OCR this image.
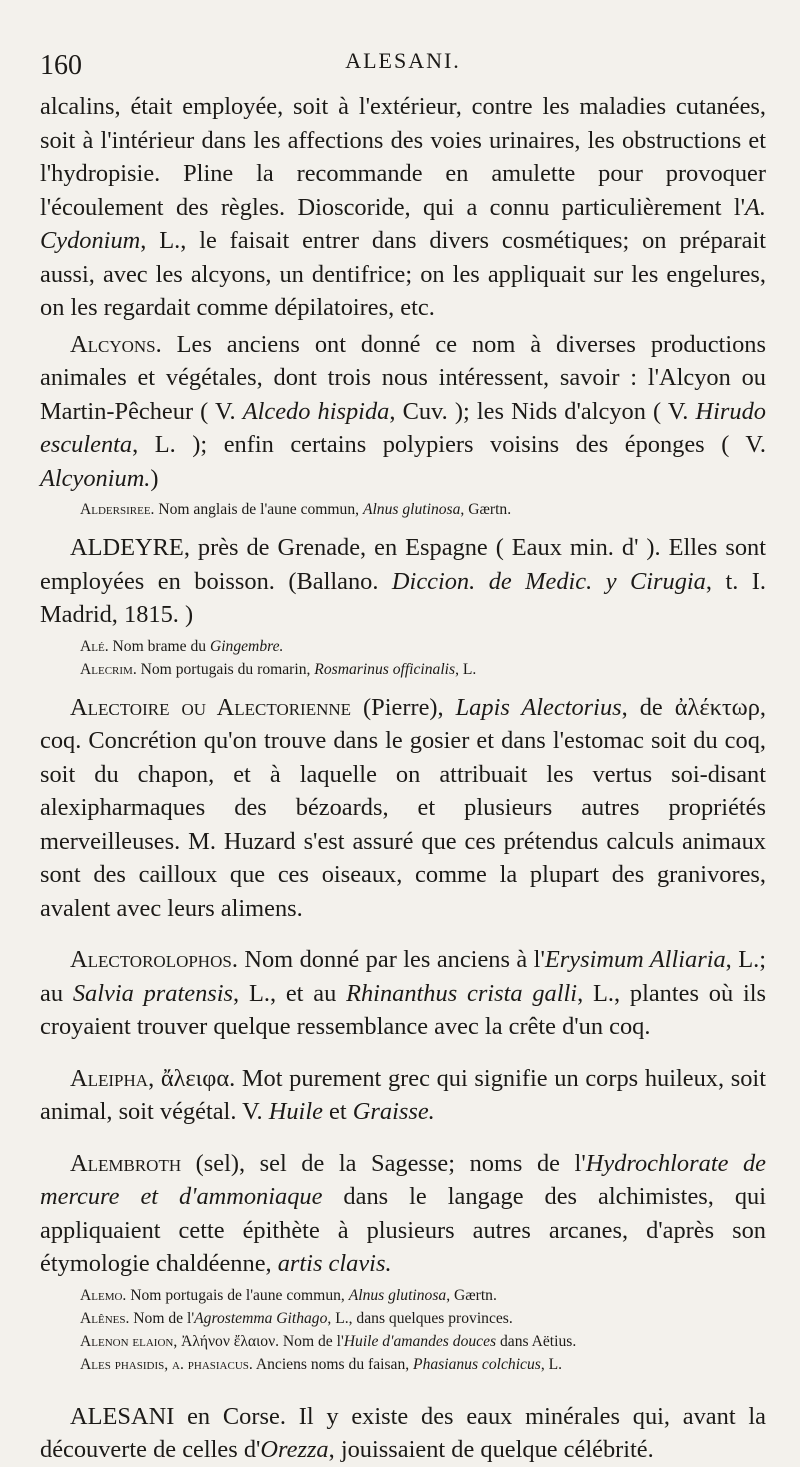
160	ALESANI.

alcalins, était employée, soit à l'extérieur, contre les maladies cutanées, soit à l'intérieur dans les affections des voies urinaires, les obstructions et l'hydropisie. Pline la recommande en amulette pour provoquer l'écoulement des règles. Dioscoride, qui a connu particulièrement l'A. Cydonium, L., le faisait entrer dans divers cosmétiques; on préparait aussi, avec les alcyons, un dentifrice; on les appliquait sur les engelures, on les regardait comme dépilatoires, etc.

Alcyons. Les anciens ont donné ce nom à diverses productions animales et végétales, dont trois nous intéressent, savoir : l'Alcyon ou Martin-Pêcheur ( V. Alcedo hispida, Cuv. ); les Nids d'alcyon ( V. Hirudo esculenta, L. ); enfin certains polypiers voisins des éponges ( V. Alcyonium.)

Aldersiree. Nom anglais de l'aune commun, Alnus glutinosa, Gærtn.

ALDEYRE, près de Grenade, en Espagne ( Eaux min. d' ). Elles sont employées en boisson. (Ballano. Diccion. de Medic. y Cirugia, t. I. Madrid, 1815. )

Alé. Nom brame du Gingembre.

Alecrim. Nom portugais du romarin, Rosmarinus officinalis, L.

Alectoire ou Alectorienne (Pierre), Lapis Alectorius, de ἀλέκτωρ, coq. Concrétion qu'on trouve dans le gosier et dans l'estomac soit du coq, soit du chapon, et à laquelle on attribuait les vertus soi-disant alexipharmaques des bézoards, et plusieurs autres propriétés merveilleuses. M. Huzard s'est assuré que ces prétendus calculs animaux sont des cailloux que ces oiseaux, comme la plupart des granivores, avalent avec leurs alimens.

Alectorolophos. Nom donné par les anciens à l'Erysimum Alliaria, L.; au Salvia pratensis, L., et au Rhinanthus crista galli, L., plantes où ils croyaient trouver quelque ressemblance avec la crête d'un coq.

Aleipha, ἄλειφα. Mot purement grec qui signifie un corps huileux, soit animal, soit végétal. V. Huile et Graisse.

Alembroth (sel), sel de la Sagesse; noms de l'Hydrochlorate de mercure et d'ammoniaque dans le langage des alchimistes, qui appliquaient cette épithète à plusieurs autres arcanes, d'après son étymologie chaldéenne, artis clavis.

Alemo. Nom portugais de l'aune commun, Alnus glutinosa, Gærtn.

Alênes. Nom de l'Agrostemma Githago, L., dans quelques provinces.

Alenon elaion, Ἀλήνον ἔλαιον. Nom de l'Huile d'amandes douces dans Aëtius.

Ales phasidis, a. phasiacus. Anciens noms du faisan, Phasianus colchicus, L.

ALESANI en Corse. Il y existe des eaux minérales qui, avant la découverte de celles d'Orezza, jouissaient de quelque célébrité.
